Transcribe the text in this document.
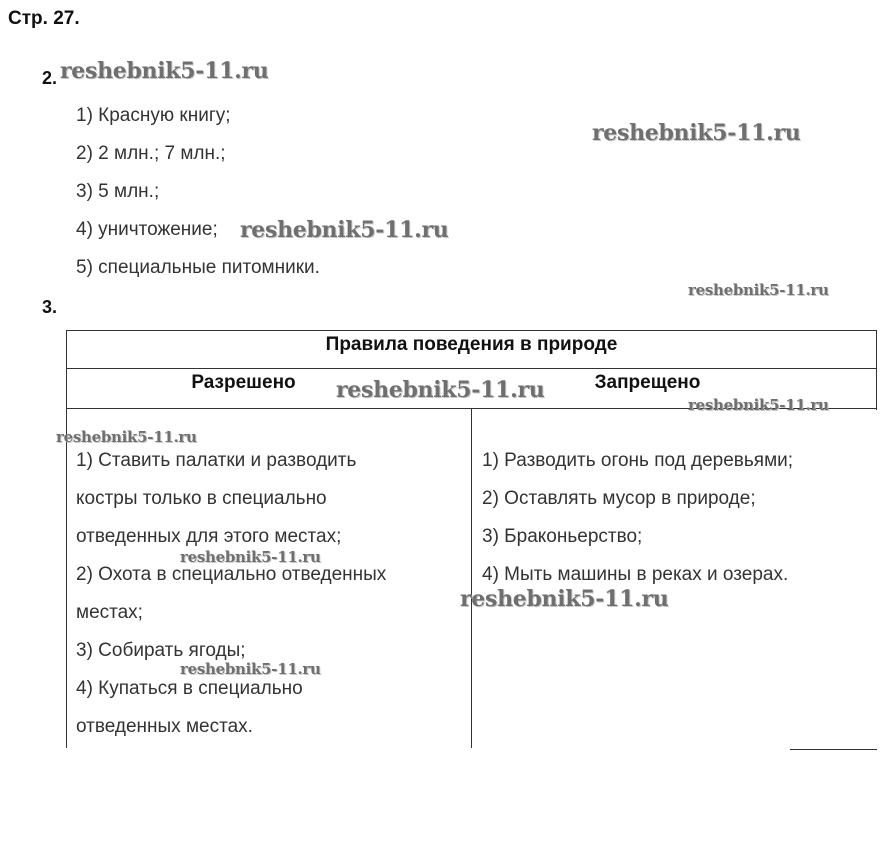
Стр. 27.
2.
1) Красную книгу;
2) 2 млн.; 7 млн.;
3) 5 млн.;
4) уничтожение;
5) специальные питомники.
3.
Правила поведения в природе
Разрешено	Запрещено
1) Ставить палатки и разводить
костры только в специально
отведенных для этого местах;
2) Охота в специально отведенных
местах;
3) Собирать ягоды;
4) Купаться в специально
отведенных местах.
1) Разводить огонь под деревьями;
2) Оставлять мусор в природе;
3) Браконьерство;
4) Мыть машины в реках и озерах.
reshebnik5-11.ru
reshebnik5-11.ru
reshebnik5-11.ru
reshebnik5-11.ru
reshebnik5-11.ru
reshebnik5-11.ru
reshebnik5-11.ru
reshebnik5-11.ru
reshebnik5-11.ru
reshebnik5-11.ru
